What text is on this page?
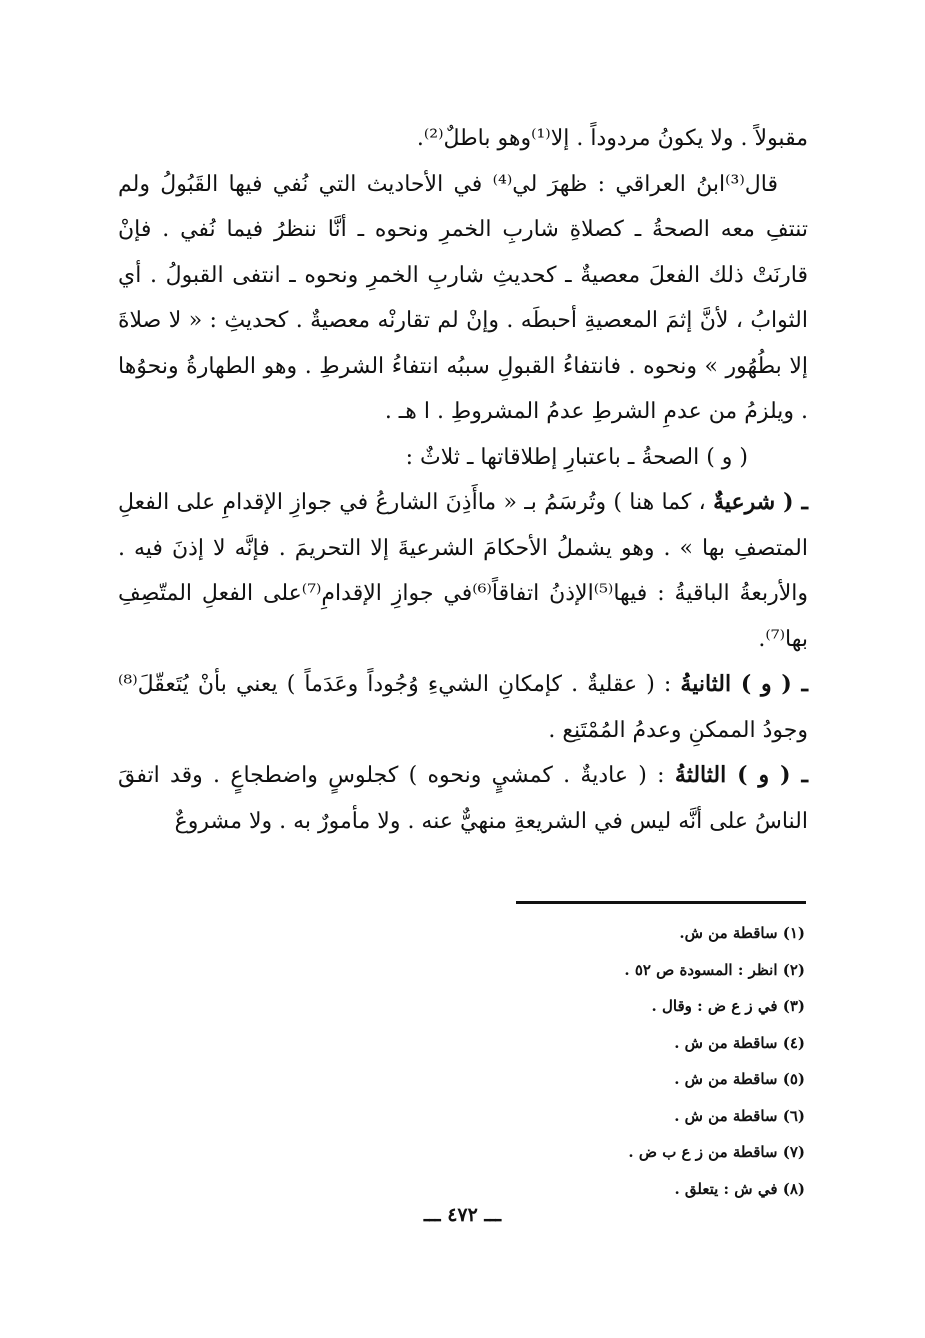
مقبولاً . ولا يكونُ مردوداً . إلا⁽¹⁾وهو باطلٌ⁽²⁾.

قال⁽³⁾ابنُ العراقي : ظهرَ لي⁽⁴⁾ في الأحاديث التي نُفي فيها القَبُولُ ولم تنتفِ معه الصحةُ ـ كصلاةِ شاربِ الخمرِ ونحوه ـ أنَّا ننظرُ فيما نُفي . فإنْ قارنَتْ ذلك الفعلَ معصيةٌ ـ كحديثِ شاربِ الخمرِ ونحوه ـ انتفى القبولُ . أي الثوابُ ، لأنَّ إثمَ المعصيةِ أحبطَه . وإنْ لم تقارنْه معصيةٌ . كحديثِ : « لا صلاةَ إلا بطُهُور » ونحوه . فانتفاءُ القبولِ سببُه انتفاءُ الشرطِ . وهو الطهارةُ ونحوُها . ويلزمُ من عدمِ الشرطِ عدمُ المشروطِ . ا هـ .

( و ) الصحةُ ـ باعتبارِ إطلاقاتها ـ ثلاثٌ :

ـ ( شرعيةٌ ، كما هنا ) وتُرسَمُ بـ « ماأَذِنَ الشارعُ في جوازِ الإقدامِ على الفعلِ المتصفِ بها » . وهو يشملُ الأحكامَ الشرعيةَ إلا التحريمَ . فإنَّه لا إذنَ فيه . والأربعةُ الباقيةُ : فيها⁽⁵⁾الإذنُ اتفاقاً⁽⁶⁾في جوازِ الإقدامِ⁽⁷⁾على الفعلِ المتّصِفِ بها⁽⁷⁾.

ـ ( و ) الثانيةُ : ( عقليةٌ . كإمكانِ الشيءِ وُجُوداً وعَدَماً ) يعني بأنْ يُتَعقّلَ⁽⁸⁾وجودُ الممكنِ وعدمُ المُمْتَنِع .

ـ ( و ) الثالثةُ : ( عاديةٌ . كمشيٍ ونحوه ) كجلوسٍ واضطجاعٍ . وقد اتفقَ الناسُ على أنَّه ليس في الشريعةِ منهيٌّ عنه . ولا مأمورٌ به . ولا مشروعٌ

(١) ساقطة من ش.

(٢) انظر : المسودة ص ٥٢ .

(٣) في ز ع ض : وقال .

(٤) ساقطة من ش .

(٥) ساقطة من ش .

(٦) ساقطة من ش .

(٧) ساقطة من ز ع ب ض .

(٨) في ش : يتعلق .

ـــ ٤٧٢ ـــ
